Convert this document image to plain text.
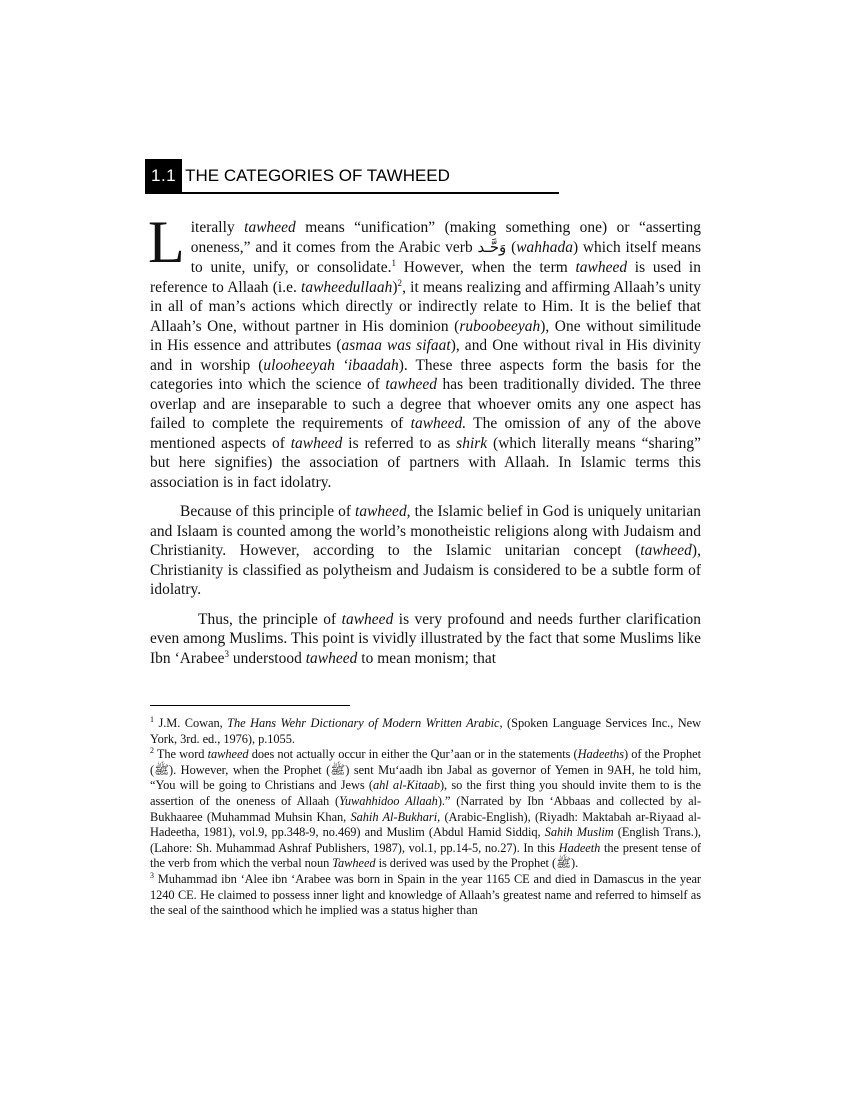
1.1 THE CATEGORIES OF TAWHEED

Literally tawheed means “unification” (making something one) or “asserting oneness,” and it comes from the Arabic verb وَحَّـد (wahhada) which itself means to unite, unify, or consolidate.$^1$ However, when the term tawheed is used in reference to Allaah (i.e. tawheedullaah)$^2$, it means realizing and affirming Allaah’s unity in all of man’s actions which directly or indirectly relate to Him. It is the belief that Allaah’s One, without partner in His dominion (ruboobeeyah), One without similitude in His essence and attributes (asmaa was sifaat), and One without rival in His divinity and in worship (ulooheeyah ‘ibaadah). These three aspects form the basis for the categories into which the science of tawheed has been traditionally divided. The three overlap and are inseparable to such a degree that whoever omits any one aspect has failed to complete the requirements of tawheed. The omission of any of the above mentioned aspects of tawheed is referred to as shirk (which literally means “sharing” but here signifies) the association of partners with Allaah. In Islamic terms this association is in fact idolatry.

Because of this principle of tawheed, the Islamic belief in God is uniquely unitarian and Islaam is counted among the world’s monotheistic religions along with Judaism and Christianity. However, according to the Islamic unitarian concept (tawheed), Christianity is classified as polytheism and Judaism is considered to be a subtle form of idolatry.

Thus, the principle of tawheed is very profound and needs further clarification even among Muslims. This point is vividly illustrated by the fact that some Muslims like Ibn ‘Arabee$^3$ understood tawheed to mean monism; that

$^1$ J.M. Cowan, The Hans Wehr Dictionary of Modern Written Arabic, (Spoken Language Services Inc., New York, 3rd. ed., 1976), p.1055.

$^2$ The word tawheed does not actually occur in either the Qur’aan or in the statements (Hadeeths) of the Prophet (ﷺ). However, when the Prophet (ﷺ) sent Mu‘aadh ibn Jabal as governor of Yemen in 9AH, he told him, “You will be going to Christians and Jews (ahl al-Kitaab), so the first thing you should invite them to is the assertion of the oneness of Allaah (Yuwahhidoo Allaah).” (Narrated by Ibn ‘Abbaas and collected by al-Bukhaaree (Muhammad Muhsin Khan, Sahih Al-Bukhari, (Arabic-English), (Riyadh: Maktabah ar-Riyaad al-Hadeetha, 1981), vol.9, pp.348-9, no.469) and Muslim (Abdul Hamid Siddiq, Sahih Muslim (English Trans.), (Lahore: Sh. Muhammad Ashraf Publishers, 1987), vol.1, pp.14-5, no.27). In this Hadeeth the present tense of the verb from which the verbal noun Tawheed is derived was used by the Prophet (ﷺ).

$^3$ Muhammad ibn ‘Alee ibn ‘Arabee was born in Spain in the year 1165 CE and died in Damascus in the year 1240 CE. He claimed to possess inner light and knowledge of Allaah’s greatest name and referred to himself as the seal of the sainthood which he implied was a status higher than
